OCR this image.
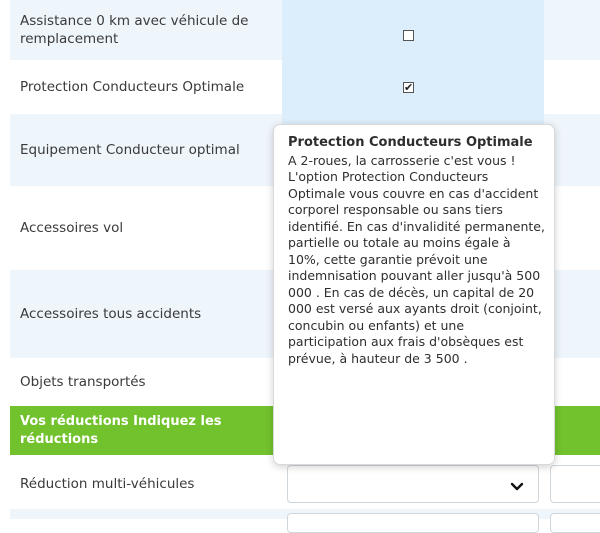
Assistance 0 km avec véhicule de remplacement
Protection Conducteurs Optimale
Equipement Conducteur optimal
Accessoires vol
Accessoires tous accidents
Objets transportés
✔
Vos réductions Indiquez les réductions
Réduction multi-véhicules
Protection Conducteurs Optimale
A 2-roues, la carrosserie c'est vous ! L'option Protection Conducteurs Optimale vous couvre en cas d'accident corporel responsable ou sans tiers identifié. En cas d'invalidité permanente, partielle ou totale au moins égale à 10%, cette garantie prévoit une indemnisation pouvant aller jusqu'à 500 000 . En cas de décès, un capital de 20 000 est versé aux ayants droit (conjoint, concubin ou enfants) et une participation aux frais d'obsèques est prévue, à hauteur de 3 500 .
